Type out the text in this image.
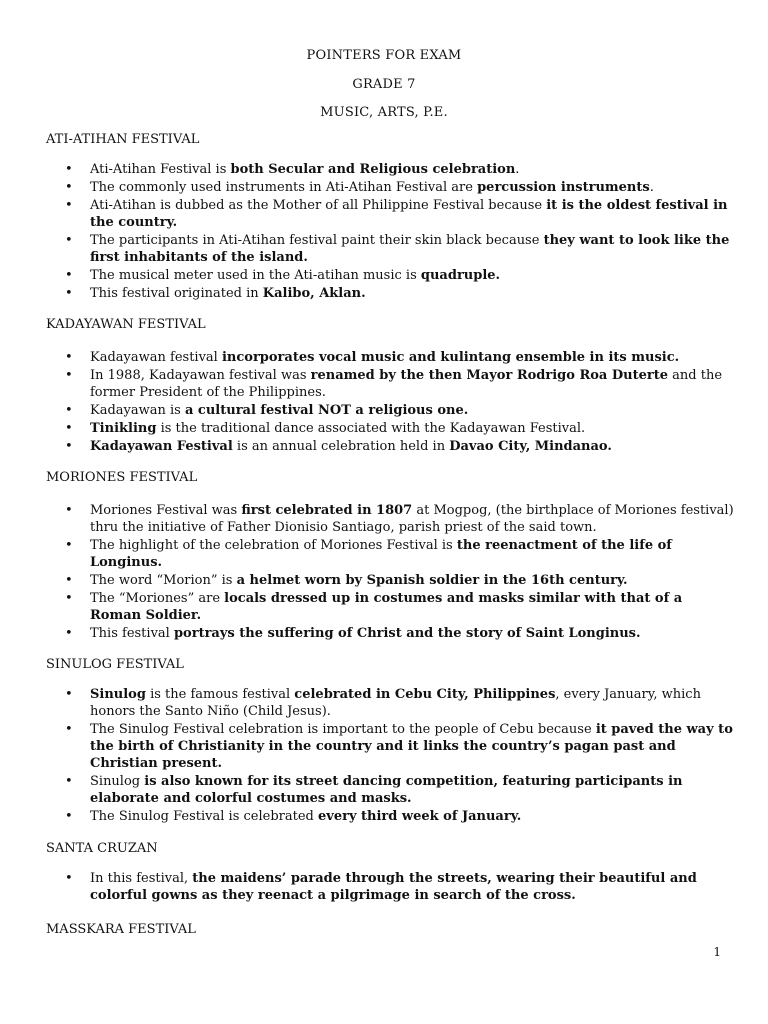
POINTERS FOR EXAM
GRADE 7
MUSIC, ARTS, P.E.
ATI-ATIHAN FESTIVAL
• Ati-Atihan Festival is both Secular and Religious celebration.
• The commonly used instruments in Ati-Atihan Festival are percussion instruments.
• Ati-Atihan is dubbed as the Mother of all Philippine Festival because it is the oldest festival in the country.
• The participants in Ati-Atihan festival paint their skin black because they want to look like the first inhabitants of the island.
• The musical meter used in the Ati-atihan music is quadruple.
• This festival originated in Kalibo, Aklan.
KADAYAWAN FESTIVAL
• Kadayawan festival incorporates vocal music and kulintang ensemble in its music.
• In 1988, Kadayawan festival was renamed by the then Mayor Rodrigo Roa Duterte and the former President of the Philippines.
• Kadayawan is a cultural festival NOT a religious one.
• Tinikling is the traditional dance associated with the Kadayawan Festival.
• Kadayawan Festival is an annual celebration held in Davao City, Mindanao.
MORIONES FESTIVAL
• Moriones Festival was first celebrated in 1807 at Mogpog, (the birthplace of Moriones festival) thru the initiative of Father Dionisio Santiago, parish priest of the said town.
• The highlight of the celebration of Moriones Festival is the reenactment of the life of Longinus.
• The word “Morion” is a helmet worn by Spanish soldier in the 16th century.
• The “Moriones” are locals dressed up in costumes and masks similar with that of a Roman Soldier.
• This festival portrays the suffering of Christ and the story of Saint Longinus.
SINULOG FESTIVAL
• Sinulog is the famous festival celebrated in Cebu City, Philippines, every January, which honors the Santo Niño (Child Jesus).
• The Sinulog Festival celebration is important to the people of Cebu because it paved the way to the birth of Christianity in the country and it links the country’s pagan past and Christian present.
• Sinulog is also known for its street dancing competition, featuring participants in elaborate and colorful costumes and masks.
• The Sinulog Festival is celebrated every third week of January.
SANTA CRUZAN
• In this festival, the maidens’ parade through the streets, wearing their beautiful and colorful gowns as they reenact a pilgrimage in search of the cross.
MASSKARA FESTIVAL
1
